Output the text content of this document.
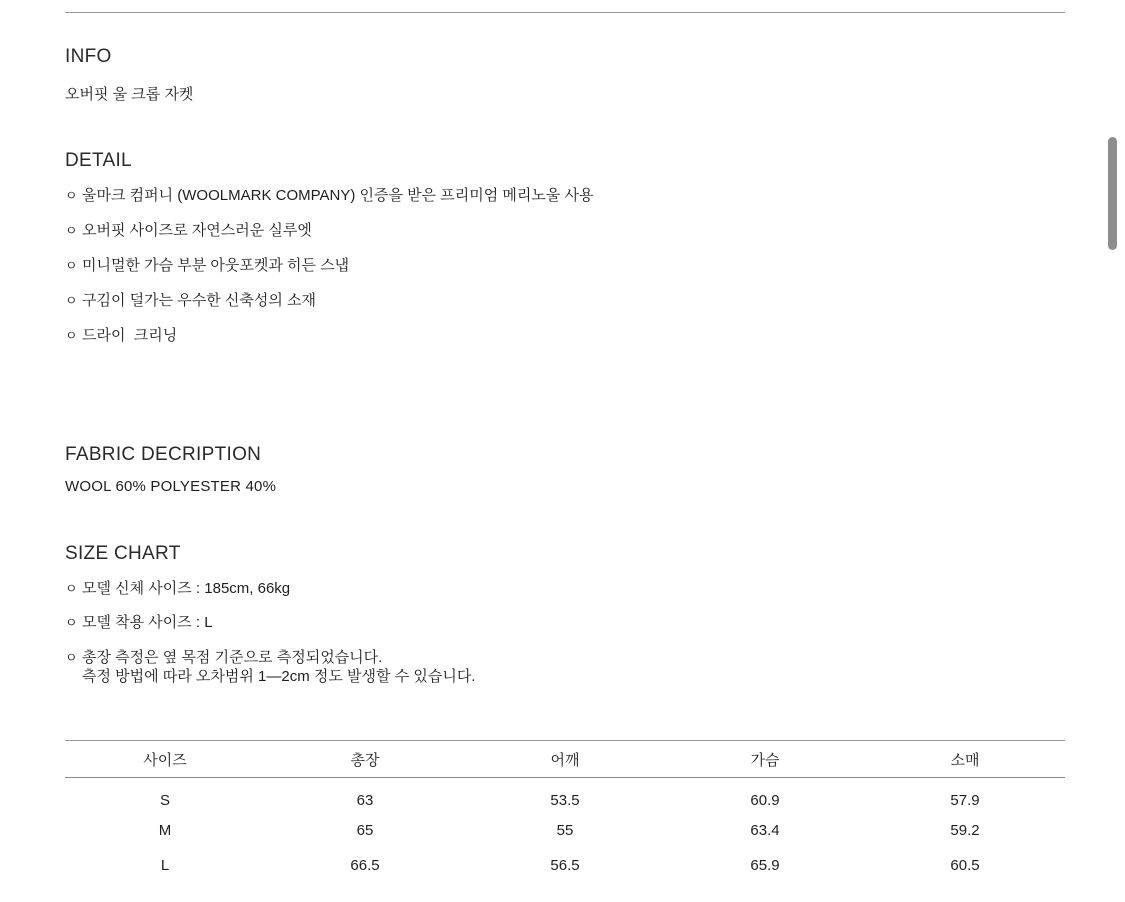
INFO
오버핏 울 크롭 자켓
DETAIL
ㅇ 울마크 컴퍼니 (WOOLMARK COMPANY) 인증을 받은 프리미엄 메리노울 사용
ㅇ 오버핏 사이즈로 자연스러운 실루엣
ㅇ 미니멀한 가슴 부분 아웃포켓과 히든 스냅
ㅇ 구김이 덜가는 우수한 신축성의 소재
ㅇ 드라이  크리닝
FABRIC DECRIPTION
WOOL 60% POLYESTER 40%
SIZE CHART
ㅇ 모델 신체 사이즈 : 185cm, 66kg
ㅇ 모델 착용 사이즈 : L
ㅇ 총장 측정은 옆 목점 기준으로 측정되었습니다.
측정 방법에 따라 오차범위 1—2cm 정도 발생할 수 있습니다.
사이즈	총장	어깨	가슴	소매
S	63	53.5	60.9	57.9
M	65	55	63.4	59.2
L	66.5	56.5	65.9	60.5
